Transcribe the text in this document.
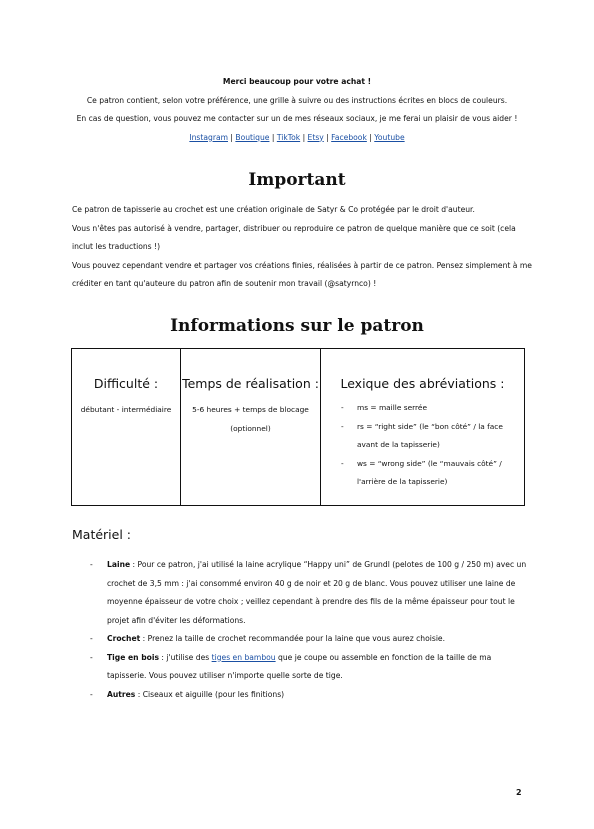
Merci beaucoup pour votre achat !
Ce patron contient, selon votre préférence, une grille à suivre ou des instructions écrites en blocs de couleurs.
En cas de question, vous pouvez me contacter sur un de mes réseaux sociaux, je me ferai un plaisir de vous aider !
Instagram | Boutique | TikTok | Etsy | Facebook | Youtube
Important
Ce patron de tapisserie au crochet est une création originale de Satyr & Co protégée par le droit d'auteur.
Vous n'êtes pas autorisé à vendre, partager, distribuer ou reproduire ce patron de quelque manière que ce soit (cela inclut les traductions !)
Vous pouvez cependant vendre et partager vos créations finies, réalisées à partir de ce patron. Pensez simplement à me créditer en tant qu'auteure du patron afin de soutenir mon travail (@satyrnco) !
Informations sur le patron
Difficulté :
débutant - intermédiaire

Temps de réalisation :
5-6 heures + temps de blocage (optionnel)

Lexique des abréviations :
- ms = maille serrée
- rs = “right side” (le “bon côté” / la face avant de la tapisserie)
- ws = “wrong side” (le “mauvais côté” / l'arrière de la tapisserie)
Matériel :
- Laine : Pour ce patron, j'ai utilisé la laine acrylique “Happy uni” de Grundl (pelotes de 100 g / 250 m) avec un crochet de 3,5 mm : j'ai consommé environ 40 g de noir et 20 g de blanc. Vous pouvez utiliser une laine de moyenne épaisseur de votre choix ; veillez cependant à prendre des fils de la même épaisseur pour tout le projet afin d'éviter les déformations.
- Crochet : Prenez la taille de crochet recommandée pour la laine que vous aurez choisie.
- Tige en bois : j'utilise des tiges en bambou que je coupe ou assemble en fonction de la taille de ma tapisserie. Vous pouvez utiliser n'importe quelle sorte de tige.
- Autres : Ciseaux et aiguille (pour les finitions)
2
